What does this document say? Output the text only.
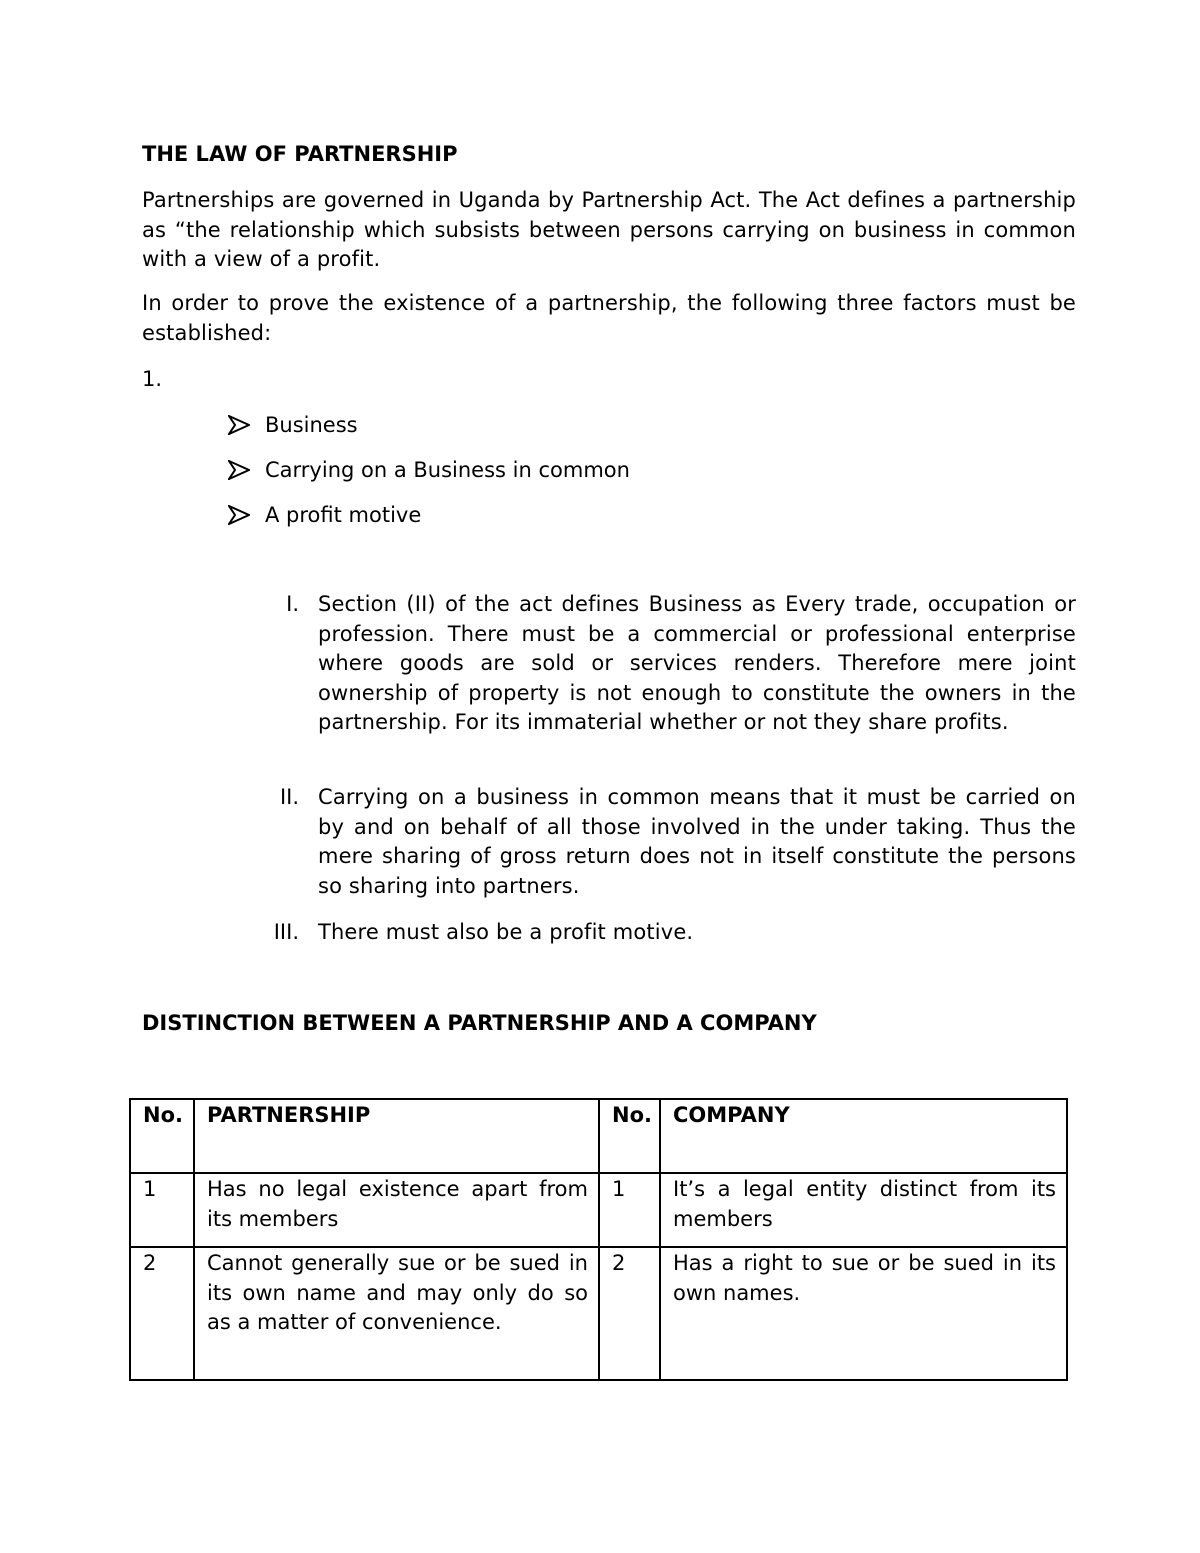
THE LAW OF PARTNERSHIP

Partnerships are governed in Uganda by Partnership Act. The Act defines a partnership as “the relationship which subsists between persons carrying on business in common with a view of a profit.

In order to prove the existence of a partnership, the following three factors must be established:

1.
Business
Carrying on a Business in common
A profit motive
I. Section (II) of the act defines Business as Every trade, occupation or profession. There must be a commercial or professional enterprise where goods are sold or services renders. Therefore mere joint ownership of property is not enough to constitute the owners in the partnership. For its immaterial whether or not they share profits.
II. Carrying on a business in common means that it must be carried on by and on behalf of all those involved in the under taking. Thus the mere sharing of gross return does not in itself constitute the persons so sharing into partners.
III. There must also be a profit motive.
DISTINCTION BETWEEN A PARTNERSHIP AND A COMPANY
No.	PARTNERSHIP	No.	COMPANY
1	Has no legal existence apart from its members	1	It’s a legal entity distinct from its members
2	Cannot generally sue or be sued in its own name and may only do so as a matter of convenience.	2	Has a right to sue or be sued in its own names.
